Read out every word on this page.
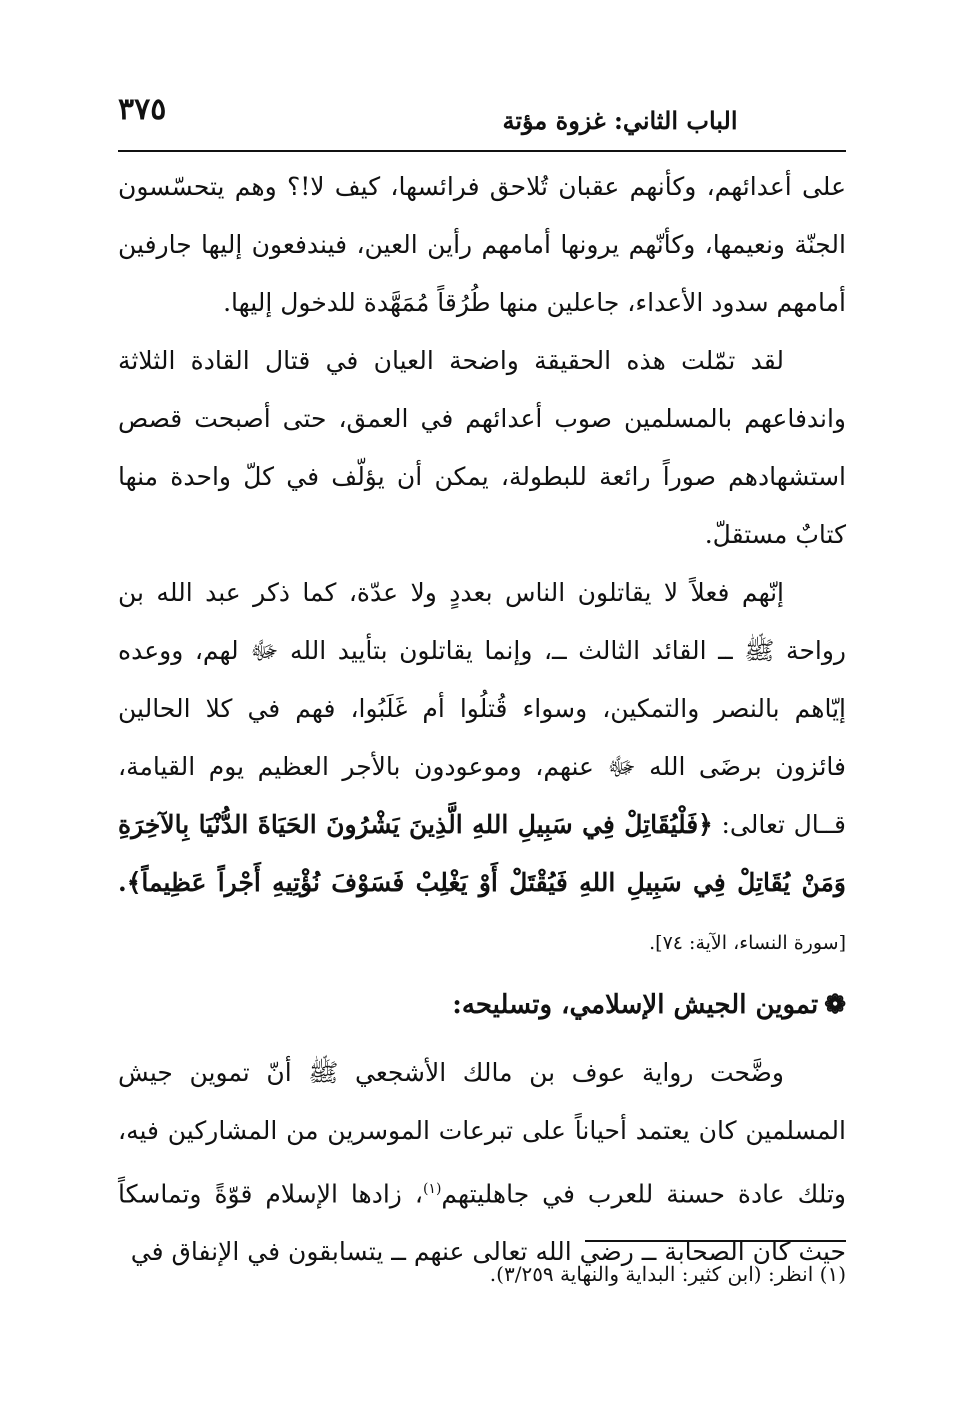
٣٧٥	الباب الثاني: غزوة مؤتة

على أعدائهم، وكأنهم عقبان تُلاحق فرائسها، كيف لا!؟ وهم يتحسّسون الجنّة ونعيمها، وكأنّهم يرونها أمامهم رأين العين، فيندفعون إليها جارفين أمامهم سدود الأعداء، جاعلين منها طُرُقاً مُمَهَّدة للدخول إليها.

لقد تمّلت هذه الحقيقة واضحة العيان في قتال القادة الثلاثة واندفاعهم بالمسلمين صوب أعدائهم في العمق، حتى أصبحت قصص استشهادهم صوراً رائعة للبطولة، يمكن أن يؤلّف في كلّ واحدة منها كتابٌ مستقلّ.

إنّهم فعلاً لا يقاتلون الناس بعددٍ ولا عدّة، كما ذكر عبد الله بن رواحة ﷺ ــ القائد الثالث ــ، وإنما يقاتلون بتأييد الله ﷻ لهم، ووعده إيّاهم بالنصر والتمكين، وسواء قُتلُوا أم غَلَبُوا، فهم في كلا الحالين فائزون برضَى الله ﷻ عنهم، وموعودون بالأجر العظيم يوم القيامة، قــال تعالى: ﴿فَلْيُقَاتِلْ فِي سَبِيلِ اللهِ الَّذِينَ يَشْرُونَ الحَيَاةَ الدُّنْيَا بِالآخِرَةِ وَمَنْ يُقَاتِلْ فِي سَبِيلِ اللهِ فَيُقْتَلْ أَوْ يَغْلِبْ فَسَوْفَ نُؤْتِيهِ أَجْراً عَظِيماً﴾. [سورة النساء، الآية: ٧٤].

❁تموين الجيش الإسلامي، وتسليحه:

وضَّحت رواية عوف بن مالك الأشجعي ﷺ أنّ تموين جيش المسلمين كان يعتمد أحياناً على تبرعات الموسرين من المشاركين فيه، وتلك عادة حسنة للعرب في جاهليتهم$^{(١)}$، زادها الإسلام قوّةً وتماسكاً حيث كان الصحابة ــ رضي الله تعالى عنهم ــ يتسابقون في الإنفاق في

(١) انظر: (ابن كثير: البداية والنهاية ٣/٢٥٩).
